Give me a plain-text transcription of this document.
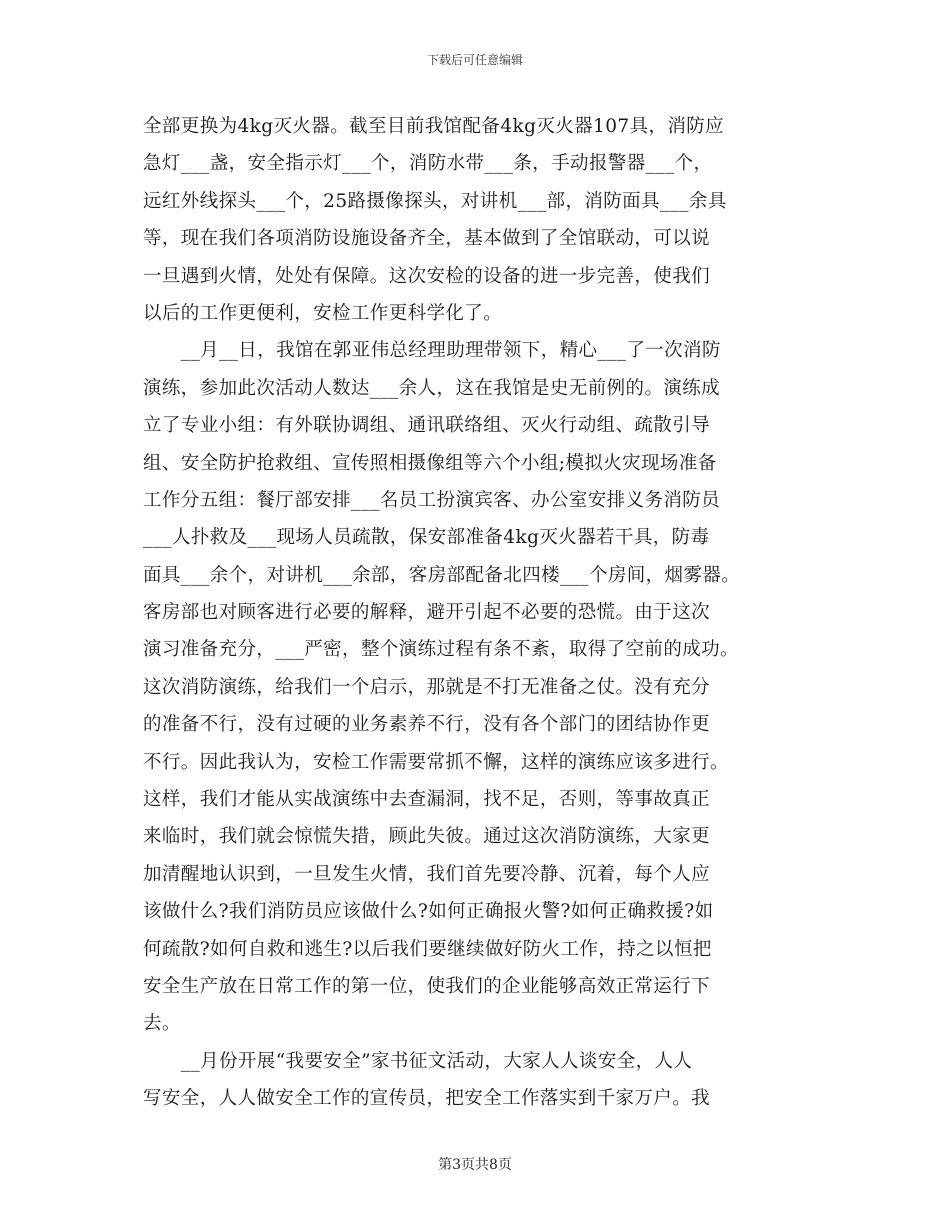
下载后可任意编辑
全部更换为4kg灭火器。截至目前我馆配备4kg灭火器107具，消防应
急灯___盏，安全指示灯___个，消防水带___条，手动报警器___个，
远红外线探头___个，25路摄像探头，对讲机___部，消防面具___余具
等，现在我们各项消防设施设备齐全，基本做到了全馆联动，可以说
一旦遇到火情，处处有保障。这次安检的设备的进一步完善，使我们
以后的工作更便利，安检工作更科学化了。
　　__月__日，我馆在郭亚伟总经理助理带领下，精心___了一次消防
演练，参加此次活动人数达___余人，这在我馆是史无前例的。演练成
立了专业小组：有外联协调组、通讯联络组、灭火行动组、疏散引导
组、安全防护抢救组、宣传照相摄像组等六个小组;模拟火灾现场准备
工作分五组：餐厅部安排___名员工扮演宾客、办公室安排义务消防员
___人扑救及___现场人员疏散，保安部准备4kg灭火器若干具，防毒
面具___余个，对讲机___余部，客房部配备北四楼___个房间，烟雾器。
客房部也对顾客进行必要的解释，避开引起不必要的恐慌。由于这次
演习准备充分，___严密，整个演练过程有条不紊，取得了空前的成功。
这次消防演练，给我们一个启示，那就是不打无准备之仗。没有充分
的准备不行，没有过硬的业务素养不行，没有各个部门的团结协作更
不行。因此我认为，安检工作需要常抓不懈，这样的演练应该多进行。
这样，我们才能从实战演练中去查漏洞，找不足，否则，等事故真正
来临时，我们就会惊慌失措，顾此失彼。通过这次消防演练，大家更
加清醒地认识到，一旦发生火情，我们首先要冷静、沉着，每个人应
该做什么?我们消防员应该做什么?如何正确报火警?如何正确救援?如
何疏散?如何自救和逃生?以后我们要继续做好防火工作，持之以恒把
安全生产放在日常工作的第一位，使我们的企业能够高效正常运行下
去。
　　__月份开展“我要安全”家书征文活动，大家人人谈安全，人人
写安全，人人做安全工作的宣传员，把安全工作落实到千家万户。我
第3页共8页
